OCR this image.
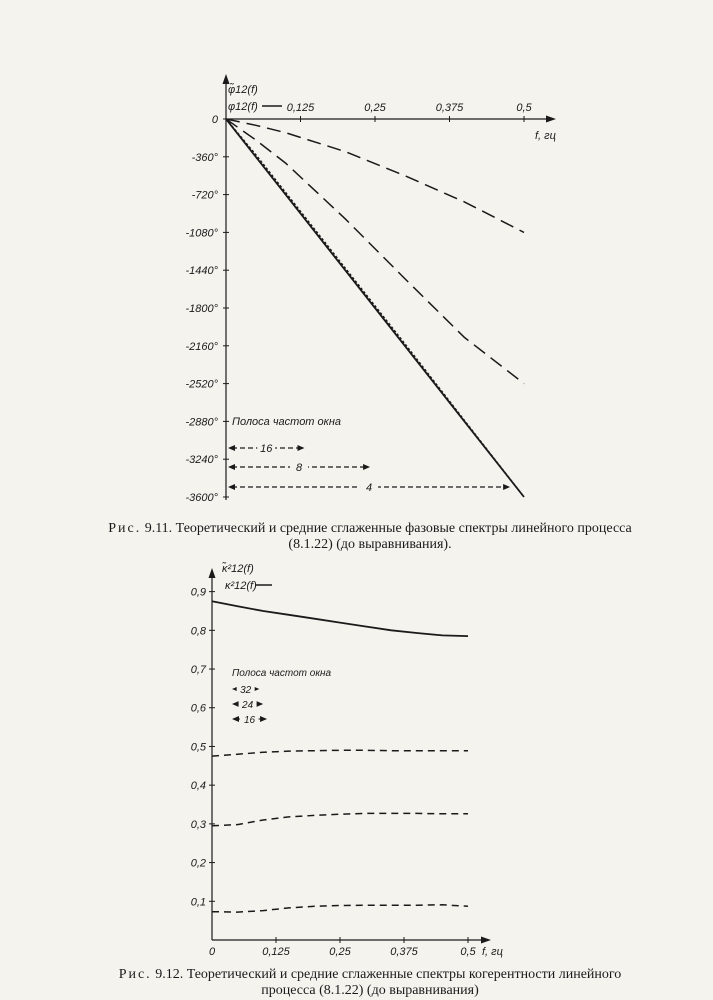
0,125	0,25	0,375	0,5
0
-360°
-720°
-1080°
-1440°
-1800°
-2160°
-2520°
-2880°
-3240°
-3600°
f, гц
φ̃12(f)
φ12(f)
Полоса частот окна
16
8
4
Рис. 9.11. Теоретический и средние сглаженные фазовые спектры линейного процесса (8.1.22) (до выравнивания).
0	0,125	0,25	0,375	0,5
0,9
0,8
0,7
0,6
0,5
0,4
0,3
0,2
0,1
f, гц
κ̃²12(f)
κ²12(f)
Полоса частот окна
32
24
16
Рис. 9.12. Теоретический и средние сглаженные спектры когерентности линейного процесса (8.1.22) (до выравнивания)
